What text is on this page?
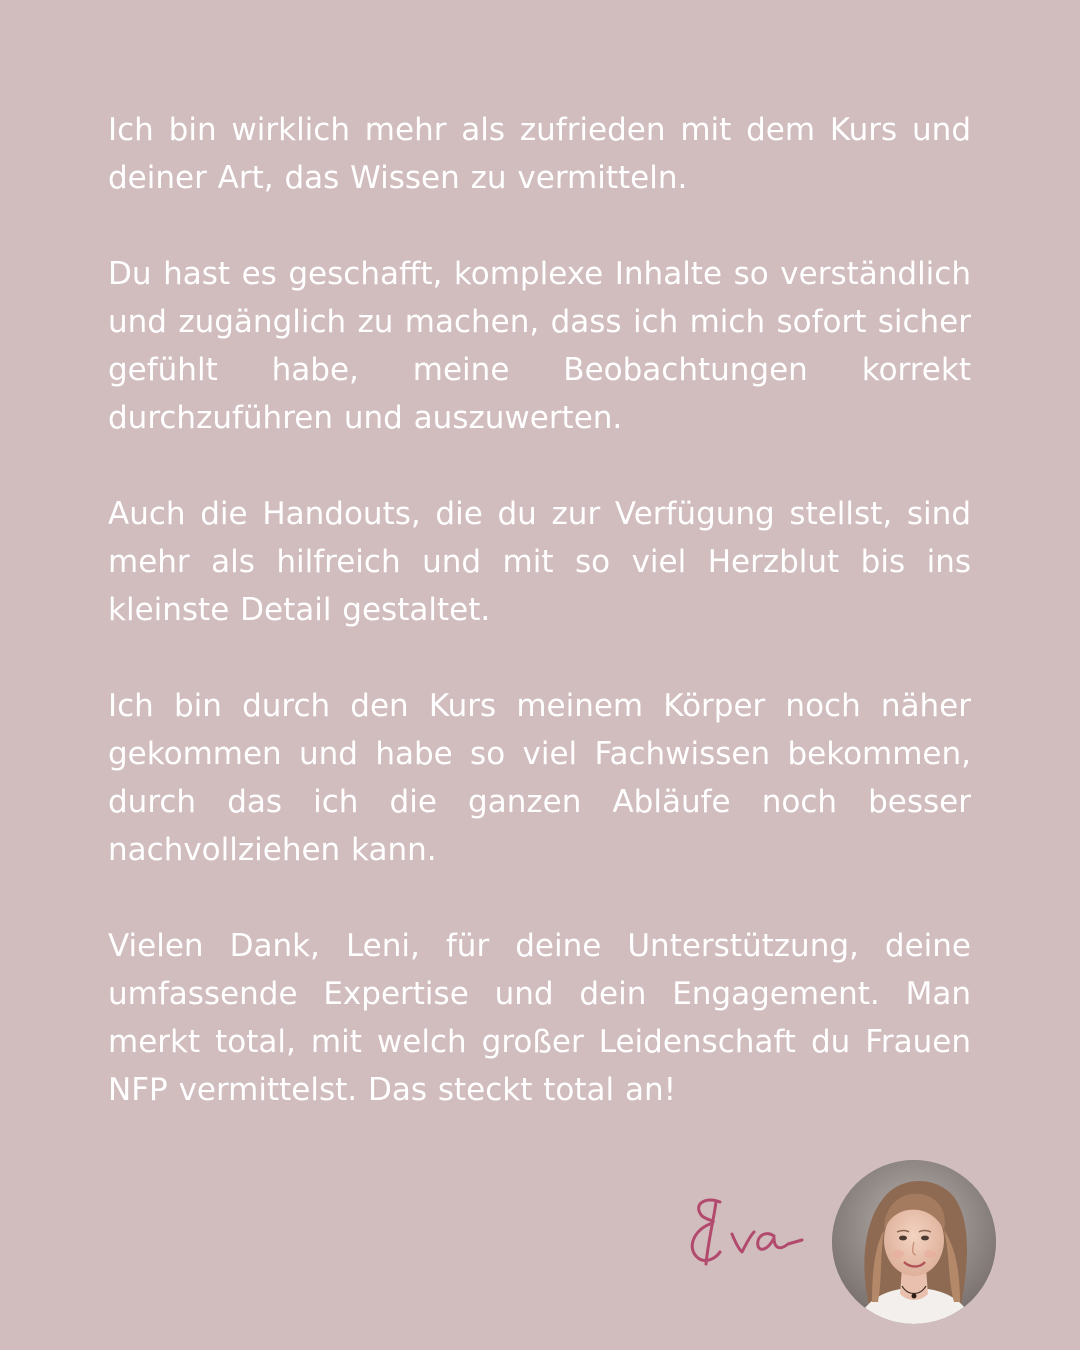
Ich bin wirklich mehr als zufrieden mit dem Kurs und deiner Art, das Wissen zu vermitteln.

Du hast es geschafft, komplexe Inhalte so verständlich und zugänglich zu machen, dass ich mich sofort sicher gefühlt habe, meine Beobachtungen korrekt durchzuführen und auszuwerten.

Auch die Handouts, die du zur Verfügung stellst, sind mehr als hilfreich und mit so viel Herzblut bis ins kleinste Detail gestaltet.

Ich bin durch den Kurs meinem Körper noch näher gekommen und habe so viel Fachwissen bekommen, durch das ich die ganzen Abläufe noch besser nachvollziehen kann.

Vielen Dank, Leni, für deine Unterstützung, deine umfassende Expertise und dein Engagement. Man merkt total, mit welch großer Leidenschaft du Frauen NFP vermittelst. Das steckt total an!
